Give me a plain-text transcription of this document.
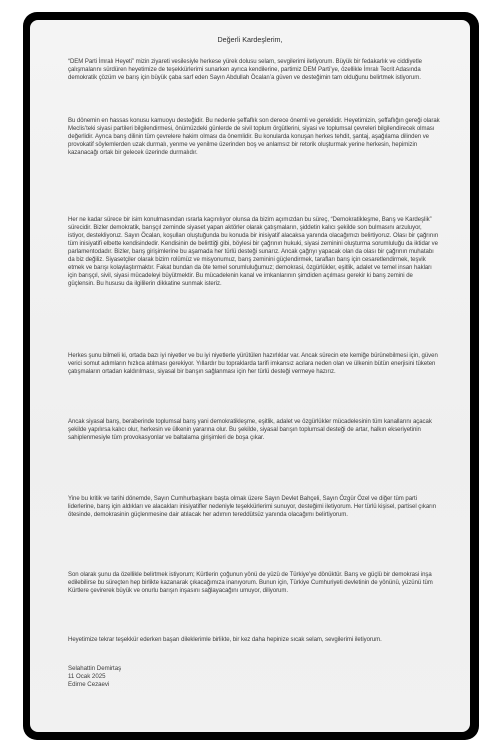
Değerli Kardeşlerim,

“DEM Parti İmralı Heyeti” mizin ziyareti vesilesiyle herkese yürek dolusu selam, sevgilerimi iletiyorum. Büyük bir fedakarlık ve ciddiyetle çalışmalarını sürdüren heyetimize de teşekkürlerimi sunarken ayrıca kendilerine, partimiz DEM Parti’ye, özellikle İmralı Tecrit Adasında demokratik çözüm ve barış için büyük çaba sarf eden Sayın Abdullah Öcalan’a güven ve desteğimin tam olduğunu belirtmek istiyorum.

Bu dönemin en hassas konusu kamuoyu desteğidir. Bu nedenle şeffaflık son derece önemli ve gereklidir. Heyetimizin, şeffaflığın gereği olarak Meclis’teki siyasi partileri bilgilendirmesi, önümüzdeki günlerde de sivil toplum örgütlerini, siyasi ve toplumsal çevreleri bilgilendirecek olması değerlidir. Ayrıca barış dilinin tüm çevrelere hakim olması da önemlidir. Bu konularda konuşan herkes tehdit, şantaj, aşağılama dilinden ve provokatif söylemlerden uzak durmalı, yenme ve yenilme üzerinden boş ve anlamsız bir retorik oluşturmak yerine herkesin, hepimizin kazanacağı ortak bir gelecek üzerinde durmalıdır.

Her ne kadar sürece bir isim konulmasından ısrarla kaçınılıyor olunsa da bizim açımızdan bu süreç, “Demokratikleşme, Barış ve Kardeşlik” sürecidir. Bizler demokratik, barışçıl zeminde siyaset yapan aktörler olarak çatışmaların, şiddetin kalıcı şekilde son bulmasını arzuluyor, istiyor, destekliyoruz. Sayın Öcalan, koşulları oluştuğunda bu konuda bir inisiyatif alacaksa yanında olacağımızı belirtiyoruz. Olası bir çağrının tüm inisiyatifi elbette kendisindedir. Kendisinin de belirttiği gibi, böylesi bir çağrının hukuki, siyasi zeminini oluşturma sorumluluğu da iktidar ve parlamentodadır. Bizler, barış girişimlerine bu aşamada her türlü desteği sunarız. Ancak çağrıyı yapacak olan da olası bir çağrının muhatabı da biz değiliz. Siyasetçiler olarak bizim rolümüz ve misyonumuz, barış zeminini güçlendirmek, tarafları barış için cesaretlendirmek, teşvik etmek ve barışı kolaylaştırmaktır. Fakat bundan da öte temel sorumluluğumuz; demokrasi, özgürlükler, eşitlik, adalet ve temel insan hakları için barışçıl, sivil, siyasi mücadeleyi büyütmektir. Bu mücadelenin kanal ve imkanlarının şimdiden açılması gerekir ki barış zemini de güçlensin. Bu hususu da ilgililerin dikkatine sunmak isteriz.

Herkes şunu bilmeli ki, ortada bazı iyi niyetler ve bu iyi niyetlerle yürütülen hazırlıklar var. Ancak sürecin ete kemiğe bürünebilmesi için, güven verici somut adımların hızlıca atılması gerekiyor. Yıllardır bu topraklarda tarifi imkansız acılara neden olan ve ülkenin bütün enerjisini tüketen çatışmaların ortadan kaldırılması, siyasal bir barışın sağlanması için her türlü desteği vermeye hazırız.

Ancak siyasal barış, beraberinde toplumsal barış yani demokratikleşme, eşitlik, adalet ve özgürlükler mücadelesinin tüm kanallarını açacak şekilde yapılırsa kalıcı olur, herkesin ve ülkenin yararına olur. Bu şekilde, siyasal barışın toplumsal desteği de artar, halkın ekseriyetinin sahiplenmesiyle tüm provokasyonlar ve baltalama girişimleri de boşa çıkar.

Yine bu kritik ve tarihi dönemde, Sayın Cumhurbaşkanı başta olmak üzere Sayın Devlet Bahçeli, Sayın Özgür Özel ve diğer tüm parti liderlerine, barış için aldıkları ve alacakları inisiyatifler nedeniyle teşekkürlerimi sunuyor, desteğimi iletiyorum. Her türlü kişisel, partisel çıkarın ötesinde, demokrasinin güçlenmesine dair atılacak her adımın tereddütsüz yanında olacağımı belirtiyorum.

Son olarak şunu da özellikle belirtmek istiyorum; Kürtlerin çoğunun yönü de yüzü de Türkiye’ye dönüktür. Barış ve güçlü bir demokrasi inşa edilebilirse bu süreçten hep birlikte kazanarak çıkacağımıza inanıyorum. Bunun için, Türkiye Cumhuriyeti devletinin de yönünü, yüzünü tüm Kürtlere çevirerek büyük ve onurlu barışın inşasını sağlayacağını umuyor, diliyorum.

Heyetimize tekrar teşekkür ederken başarı dileklerimle birlikte, bir kez daha hepinize sıcak selam, sevgilerimi iletiyorum.

Selahattin Demirtaş
11 Ocak 2025
Edirne Cezaevi
